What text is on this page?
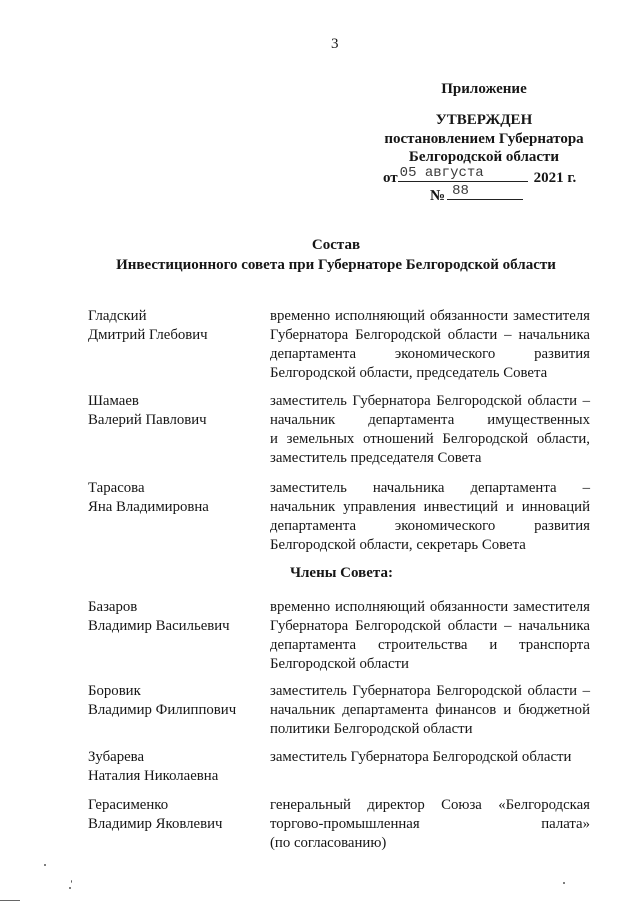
3
Приложение
УТВЕРЖДЕН
постановлением Губернатора
Белгородской области
от 05 августа	2021 г.
№ 88
Состав
Инвестиционного совета при Губернаторе Белгородской области
Гладский
Дмитрий Глебович
временно исполняющий обязанности заместителя
Губернатора Белгородской области – начальника
департамента экономического развития
Белгородской области, председатель Совета
Шамаев
Валерий Павлович
заместитель Губернатора Белгородской области –
начальник департамента имущественных
и земельных отношений Белгородской области,
заместитель председателя Совета
Тарасова
Яна Владимировна
заместитель начальника департамента –
начальник управления инвестиций и инноваций
департамента экономического развития
Белгородской области, секретарь Совета
Члены Совета:
Базаров
Владимир Васильевич
временно исполняющий обязанности заместителя
Губернатора Белгородской области – начальника
департамента строительства и транспорта
Белгородской области
Боровик
Владимир Филиппович
заместитель Губернатора Белгородской области –
начальник департамента финансов и бюджетной
политики Белгородской области
Зубарева
Наталия Николаевна
заместитель Губернатора Белгородской области
Герасименко
Владимир Яковлевич
генеральный директор Союза «Белгородская
торгово-промышленная палата»
(по согласованию)
